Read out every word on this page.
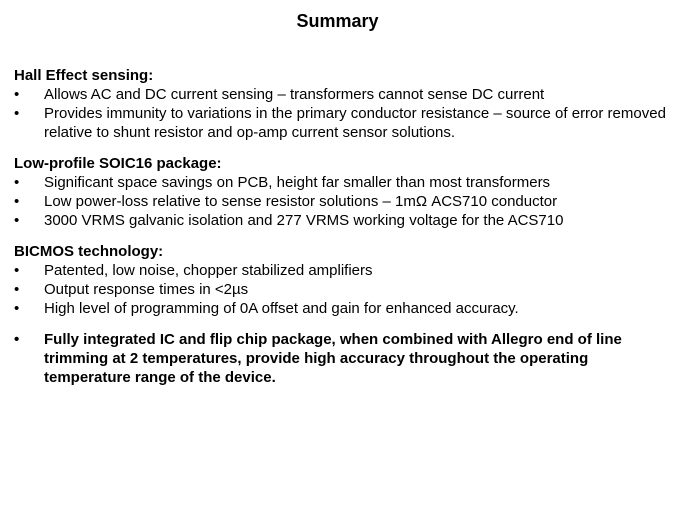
Summary
Hall Effect sensing:
• Allows AC and DC current sensing – transformers cannot sense DC current
• Provides immunity to variations in the primary conductor resistance – source of error removed relative to shunt resistor and op-amp current sensor solutions.
Low-profile SOIC16 package:
• Significant space savings on PCB, height far smaller than most transformers
• Low power-loss relative to sense resistor solutions – 1mΩ ACS710 conductor
• 3000 VRMS galvanic isolation and 277 VRMS working voltage for the ACS710
BICMOS technology:
• Patented, low noise, chopper stabilized amplifiers
• Output response times in <2µs
• High level of programming of 0A offset and gain for enhanced accuracy.
• Fully integrated IC and flip chip package, when combined with Allegro end of line trimming at 2 temperatures, provide high accuracy throughout the operating temperature range of the device.
